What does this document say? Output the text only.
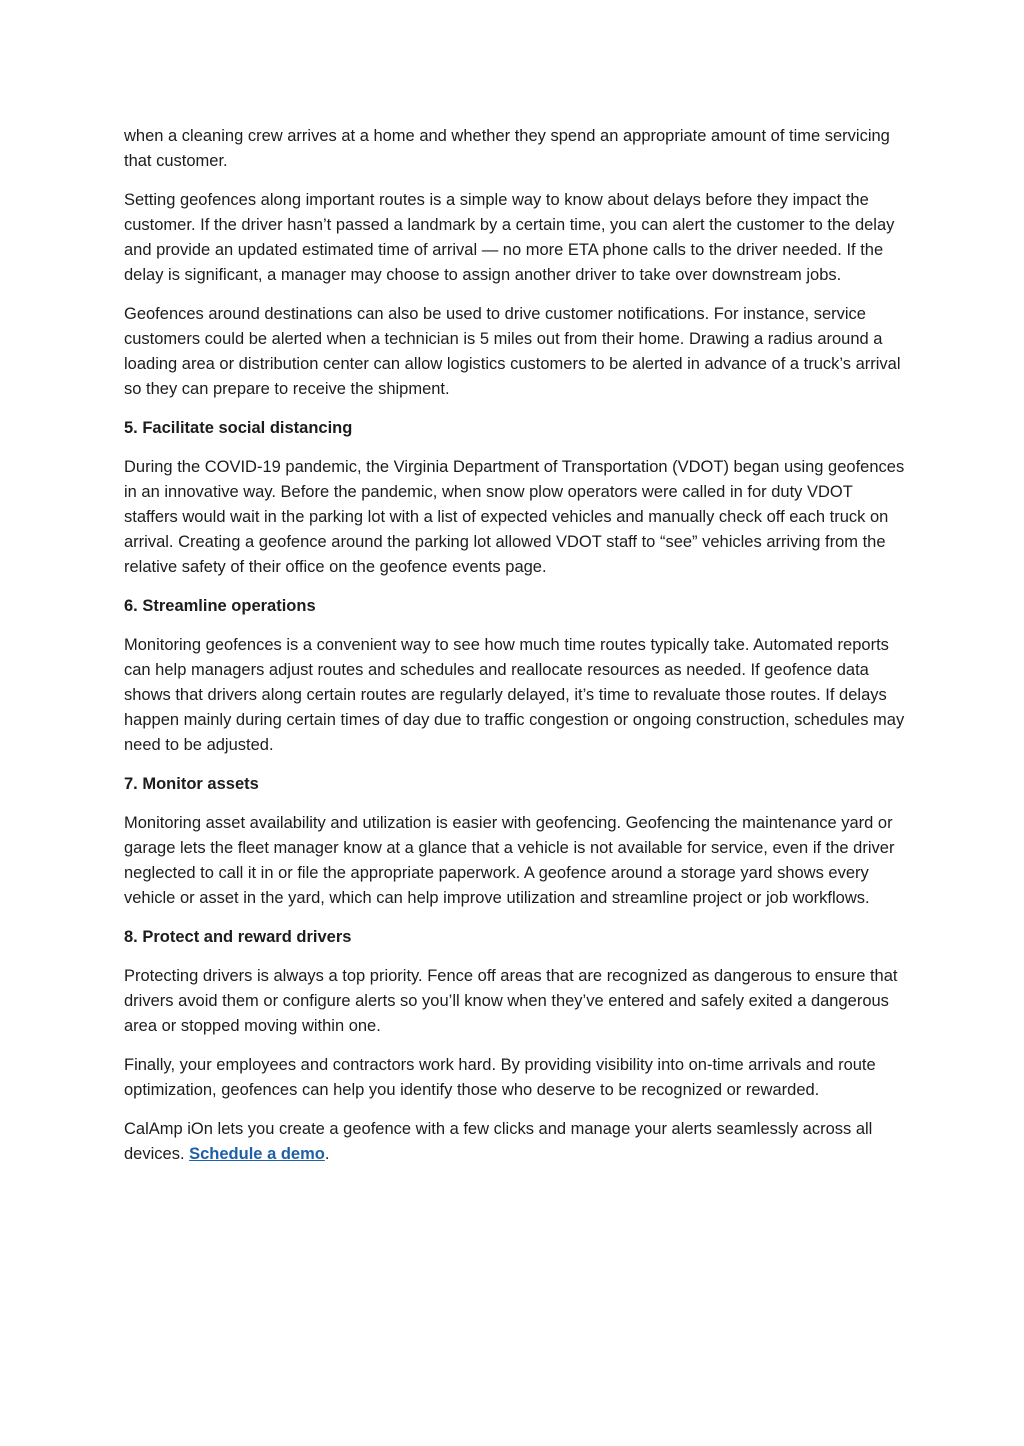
when a cleaning crew arrives at a home and whether they spend an appropriate amount of time servicing that customer.

Setting geofences along important routes is a simple way to know about delays before they impact the customer. If the driver hasn’t passed a landmark by a certain time, you can alert the customer to the delay and provide an updated estimated time of arrival — no more ETA phone calls to the driver needed. If the delay is significant, a manager may choose to assign another driver to take over downstream jobs.

Geofences around destinations can also be used to drive customer notifications. For instance, service customers could be alerted when a technician is 5 miles out from their home. Drawing a radius around a loading area or distribution center can allow logistics customers to be alerted in advance of a truck’s arrival so they can prepare to receive the shipment.

5. Facilitate social distancing

During the COVID-19 pandemic, the Virginia Department of Transportation (VDOT) began using geofences in an innovative way. Before the pandemic, when snow plow operators were called in for duty VDOT staffers would wait in the parking lot with a list of expected vehicles and manually check off each truck on arrival. Creating a geofence around the parking lot allowed VDOT staff to “see” vehicles arriving from the relative safety of their office on the geofence events page.

6. Streamline operations

Monitoring geofences is a convenient way to see how much time routes typically take. Automated reports can help managers adjust routes and schedules and reallocate resources as needed. If geofence data shows that drivers along certain routes are regularly delayed, it’s time to revaluate those routes. If delays happen mainly during certain times of day due to traffic congestion or ongoing construction, schedules may need to be adjusted.

7. Monitor assets

Monitoring asset availability and utilization is easier with geofencing. Geofencing the maintenance yard or garage lets the fleet manager know at a glance that a vehicle is not available for service, even if the driver neglected to call it in or file the appropriate paperwork. A geofence around a storage yard shows every vehicle or asset in the yard, which can help improve utilization and streamline project or job workflows.

8. Protect and reward drivers

Protecting drivers is always a top priority. Fence off areas that are recognized as dangerous to ensure that drivers avoid them or configure alerts so you’ll know when they’ve entered and safely exited a dangerous area or stopped moving within one.

Finally, your employees and contractors work hard. By providing visibility into on-time arrivals and route optimization, geofences can help you identify those who deserve to be recognized or rewarded.

CalAmp iOn lets you create a geofence with a few clicks and manage your alerts seamlessly across all devices. Schedule a demo.
